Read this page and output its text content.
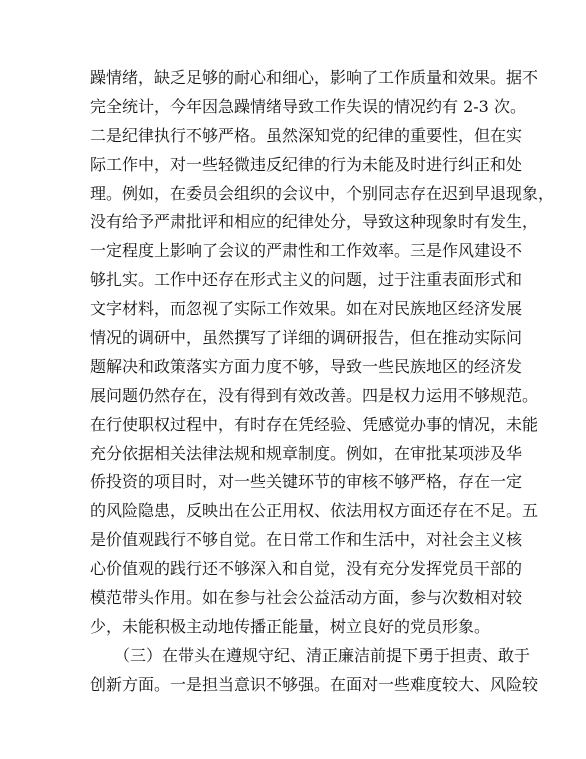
躁情绪，缺乏足够的耐心和细心，影响了工作质量和效果。据不
完全统计，今年因急躁情绪导致工作失误的情况约有 2-3 次。
二是纪律执行不够严格。虽然深知党的纪律的重要性，但在实
际工作中，对一些轻微违反纪律的行为未能及时进行纠正和处
理。例如，在委员会组织的会议中，个别同志存在迟到早退现象，
没有给予严肃批评和相应的纪律处分，导致这种现象时有发生，
一定程度上影响了会议的严肃性和工作效率。三是作风建设不
够扎实。工作中还存在形式主义的问题，过于注重表面形式和
文字材料，而忽视了实际工作效果。如在对民族地区经济发展
情况的调研中，虽然撰写了详细的调研报告，但在推动实际问
题解决和政策落实方面力度不够，导致一些民族地区的经济发
展问题仍然存在，没有得到有效改善。四是权力运用不够规范。
在行使职权过程中，有时存在凭经验、凭感觉办事的情况，未能
充分依据相关法律法规和规章制度。例如，在审批某项涉及华
侨投资的项目时，对一些关键环节的审核不够严格，存在一定
的风险隐患，反映出在公正用权、依法用权方面还存在不足。五
是价值观践行不够自觉。在日常工作和生活中，对社会主义核
心价值观的践行还不够深入和自觉，没有充分发挥党员干部的
模范带头作用。如在参与社会公益活动方面，参与次数相对较
少，未能积极主动地传播正能量，树立良好的党员形象。
（三）在带头在遵规守纪、清正廉洁前提下勇于担责、敢于
创新方面。一是担当意识不够强。在面对一些难度较大、风险较
